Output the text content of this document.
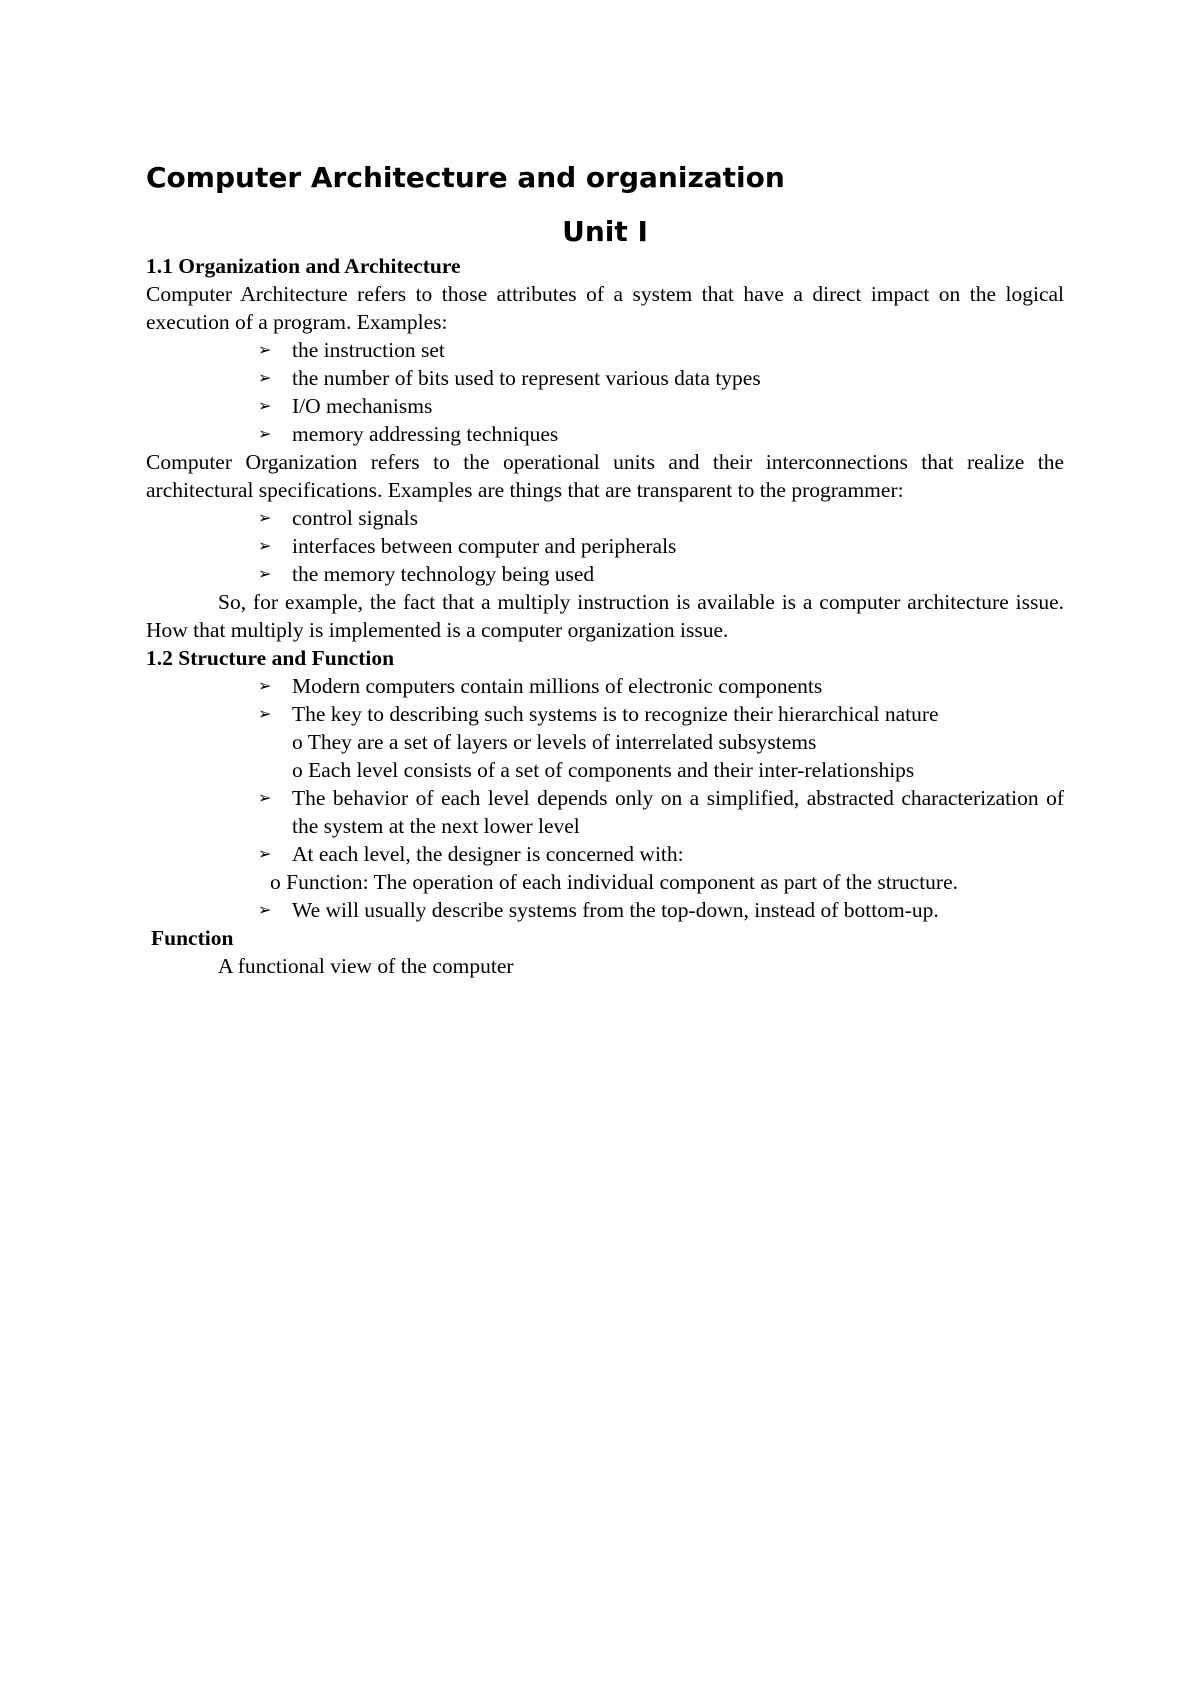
Computer Architecture and organization
Unit I

1.1 Organization and Architecture

Computer Architecture refers to those attributes of a system that have a direct impact on the logical execution of a program. Examples:

➢ the instruction set
➢ the number of bits used to represent various data types
➢ I/O mechanisms
➢ memory addressing techniques

Computer Organization refers to the operational units and their interconnections that realize the architectural specifications. Examples are things that are transparent to the programmer:

➢ control signals
➢ interfaces between computer and peripherals
➢ the memory technology being used

So, for example, the fact that a multiply instruction is available is a computer architecture issue. How that multiply is implemented is a computer organization issue.

1.2 Structure and Function

➢ Modern computers contain millions of electronic components
➢ The key to describing such systems is to recognize their hierarchical nature

o They are a set of layers or levels of interrelated subsystems

o Each level consists of a set of components and their inter-relationships

➢ The behavior of each level depends only on a simplified, abstracted characterization of the system at the next lower level
➢ At each level, the designer is concerned with:

o Function: The operation of each individual component as part of the structure.

➢ We will usually describe systems from the top-down, instead of bottom-up.

Function

A functional view of the computer
